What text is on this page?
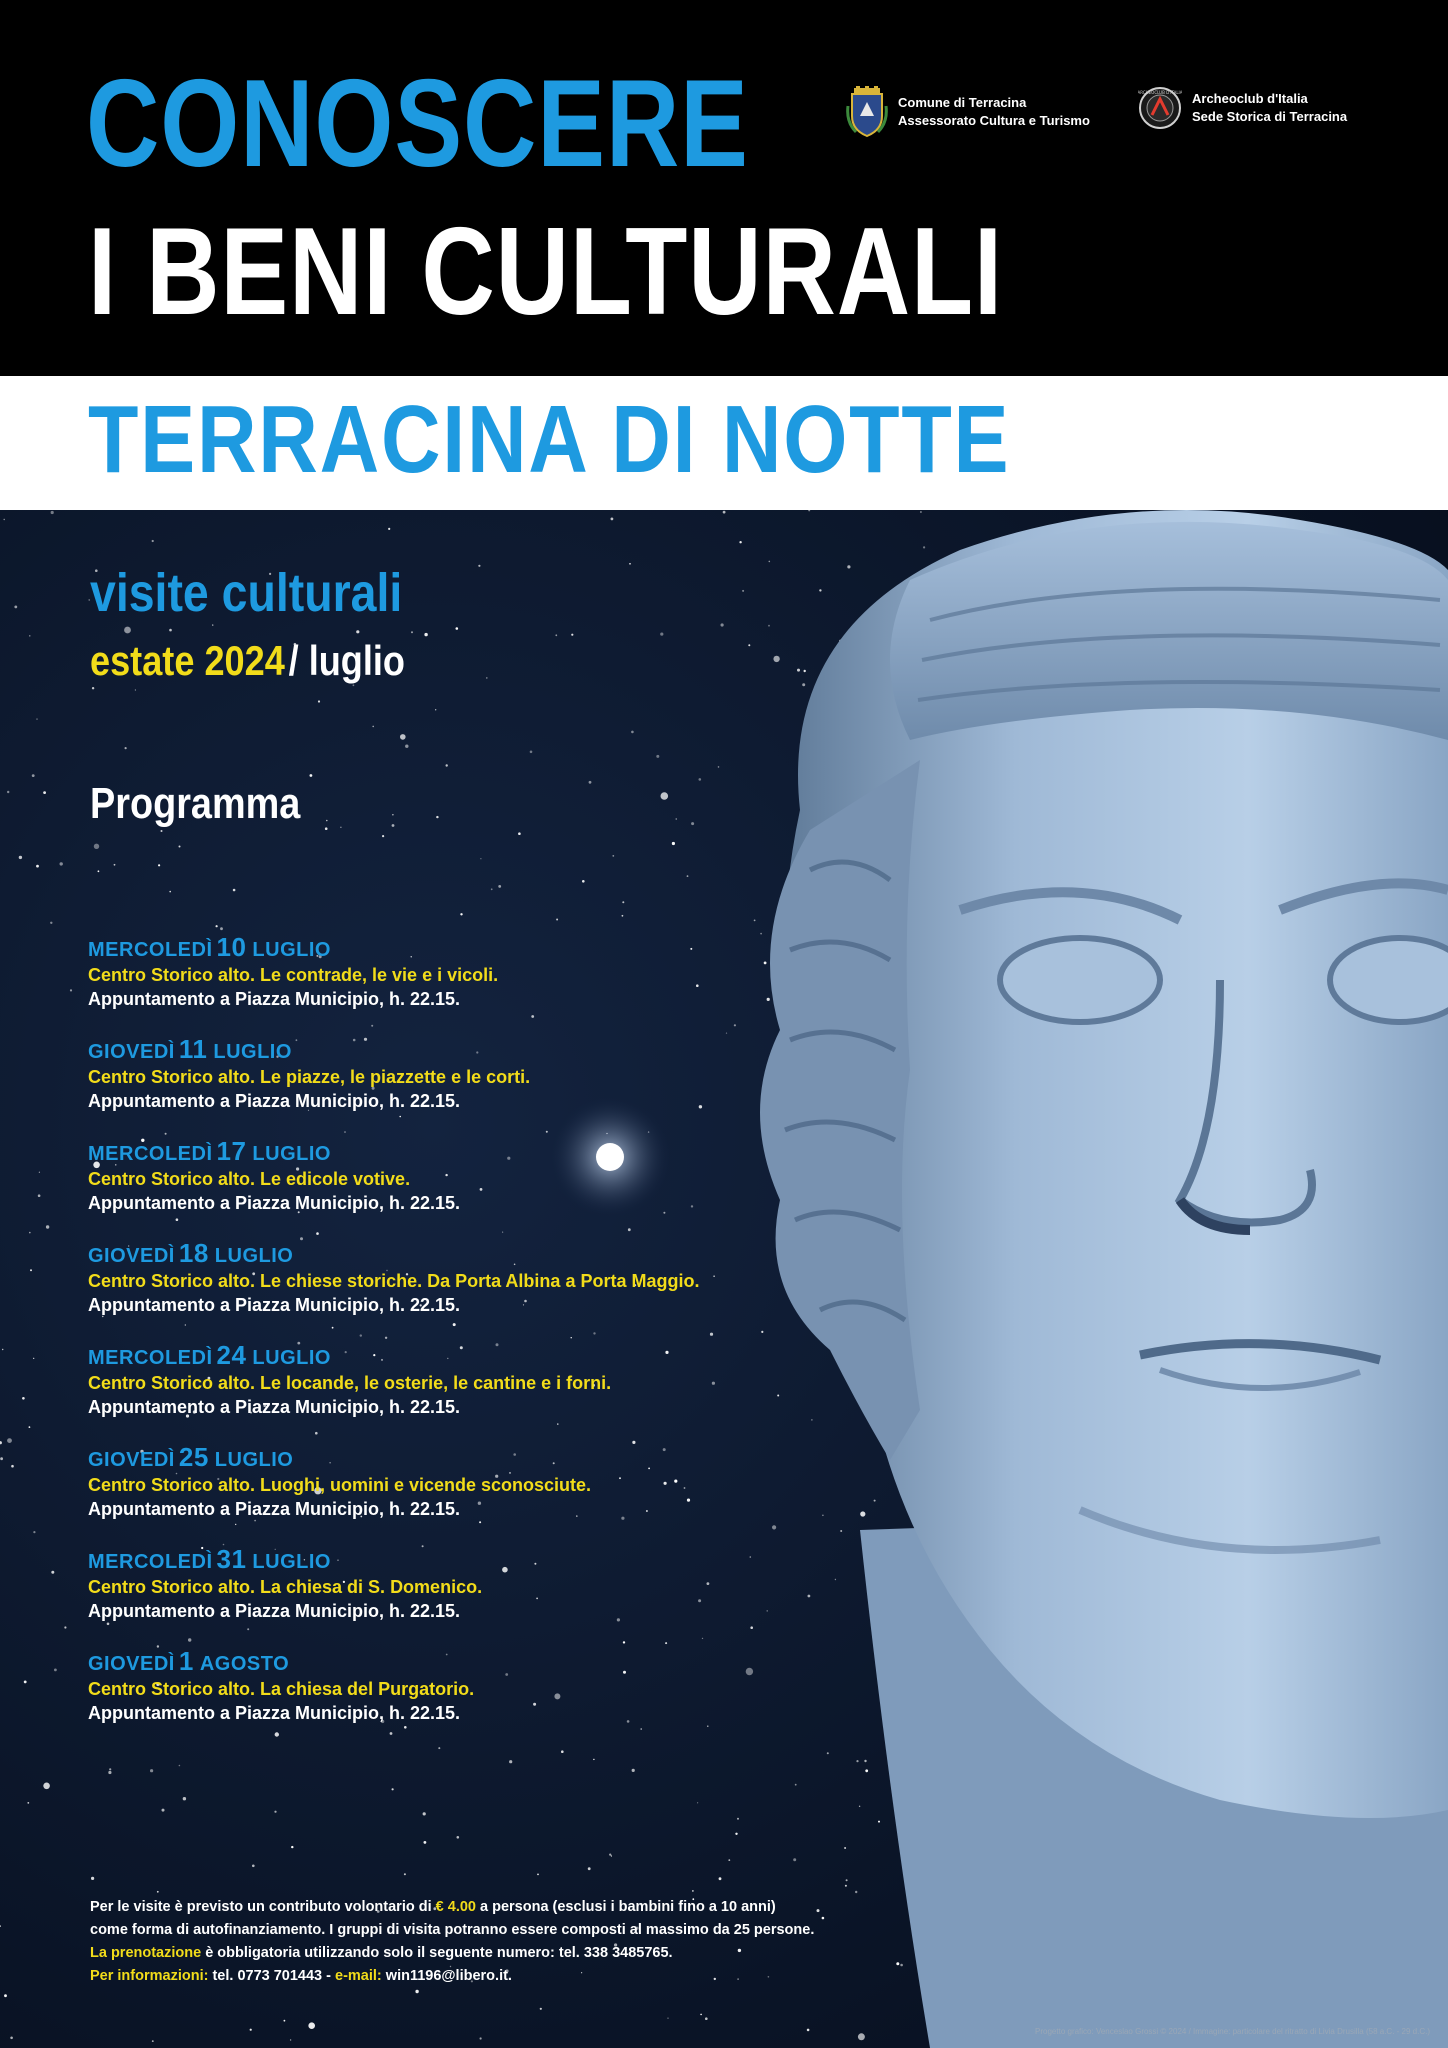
CONOSCERE
I BENI CULTURALI
Comune di Terracina
Assessorato Cultura e Turismo
ARCHEOCLUB D'ITALIA Archeoclub d'Italia
Sede Storica di Terracina
TERRACINA DI NOTTE
visite culturali
estate 2024 / luglio
Programma
MERCOLEDÌ 10 LUGLIO
Centro Storico alto. Le contrade, le vie e i vicoli.
Appuntamento a Piazza Municipio, h. 22.15.
GIOVEDÌ 11 LUGLIO
Centro Storico alto. Le piazze, le piazzette e le corti.
Appuntamento a Piazza Municipio, h. 22.15.
MERCOLEDÌ 17 LUGLIO
Centro Storico alto. Le edicole votive.
Appuntamento a Piazza Municipio, h. 22.15.
GIOVEDÌ 18 LUGLIO
Centro Storico alto. Le chiese storiche. Da Porta Albina a Porta Maggio.
Appuntamento a Piazza Municipio, h. 22.15.
MERCOLEDÌ 24 LUGLIO
Centro Storico alto. Le locande, le osterie, le cantine e i forni.
Appuntamento a Piazza Municipio, h. 22.15.
GIOVEDÌ 25 LUGLIO
Centro Storico alto. Luoghi, uomini e vicende sconosciute.
Appuntamento a Piazza Municipio, h. 22.15.
MERCOLEDÌ 31 LUGLIO
Centro Storico alto. La chiesa di S. Domenico.
Appuntamento a Piazza Municipio, h. 22.15.
GIOVEDÌ 1 AGOSTO
Centro Storico alto. La chiesa del Purgatorio.
Appuntamento a Piazza Municipio, h. 22.15.
Per le visite è previsto un contributo volontario di € 4.00 a persona (esclusi i bambini fino a 10 anni)
come forma di autofinanziamento. I gruppi di visita potranno essere composti al massimo da 25 persone.
La prenotazione è obbligatoria utilizzando solo il seguente numero: tel. 338 3485765.
Per informazioni: tel. 0773 701443 - e-mail: win1196@libero.it.
Progetto grafico: Venceslao Grossi © 2024 / Immagine: particolare del ritratto di Livia Drusilla (58 a.C. - 29 d.C.)
